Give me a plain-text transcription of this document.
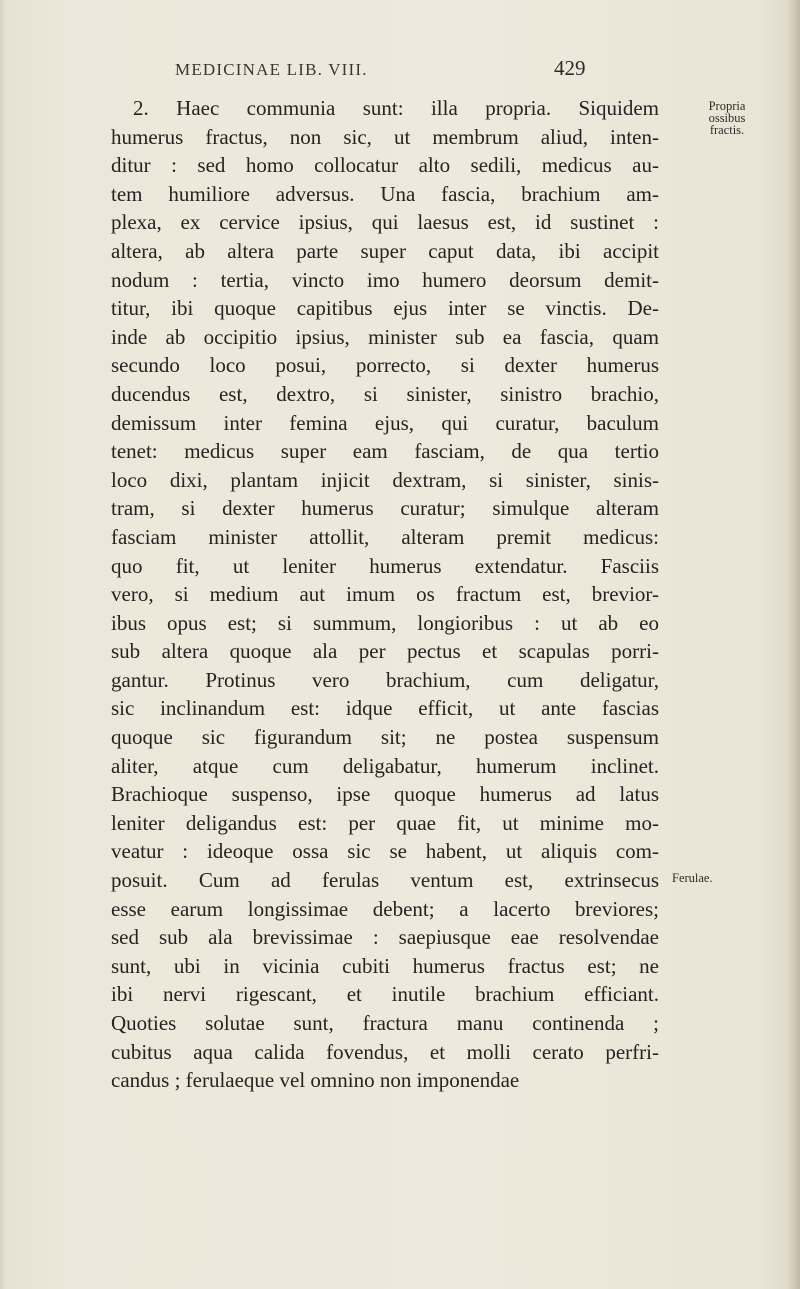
MEDICINAE LIB. VIII.	429
Propria
ossibus
fractis.
Ferulae.
2. Haec communia sunt: illa propria. Siquidem
humerus fractus, non sic, ut membrum aliud, inten-
ditur : sed homo collocatur alto sedili, medicus au-
tem humiliore adversus. Una fascia, brachium am-
plexa, ex cervice ipsius, qui laesus est, id sustinet :
altera, ab altera parte super caput data, ibi accipit
nodum : tertia, vincto imo humero deorsum demit-
titur, ibi quoque capitibus ejus inter se vinctis. De-
inde ab occipitio ipsius, minister sub ea fascia, quam
secundo loco posui, porrecto, si dexter humerus
ducendus est, dextro, si sinister, sinistro brachio,
demissum inter femina ejus, qui curatur, baculum
tenet: medicus super eam fasciam, de qua tertio
loco dixi, plantam injicit dextram, si sinister, sinis-
tram, si dexter humerus curatur; simulque alteram
fasciam minister attollit, alteram premit medicus:
quo fit, ut leniter humerus extendatur. Fasciis
vero, si medium aut imum os fractum est, brevior-
ibus opus est; si summum, longioribus : ut ab eo
sub altera quoque ala per pectus et scapulas porri-
gantur. Protinus vero brachium, cum deligatur,
sic inclinandum est: idque efficit, ut ante fascias
quoque sic figurandum sit; ne postea suspensum
aliter, atque cum deligabatur, humerum inclinet.
Brachioque suspenso, ipse quoque humerus ad latus
leniter deligandus est: per quae fit, ut minime mo-
veatur : ideoque ossa sic se habent, ut aliquis com-
posuit. Cum ad ferulas ventum est, extrinsecus
esse earum longissimae debent; a lacerto breviores;
sed sub ala brevissimae : saepiusque eae resolvendae
sunt, ubi in vicinia cubiti humerus fractus est; ne
ibi nervi rigescant, et inutile brachium efficiant.
Quoties solutae sunt, fractura manu continenda ;
cubitus aqua calida fovendus, et molli cerato perfri-
candus ; ferulaeque vel omnino non imponendae
